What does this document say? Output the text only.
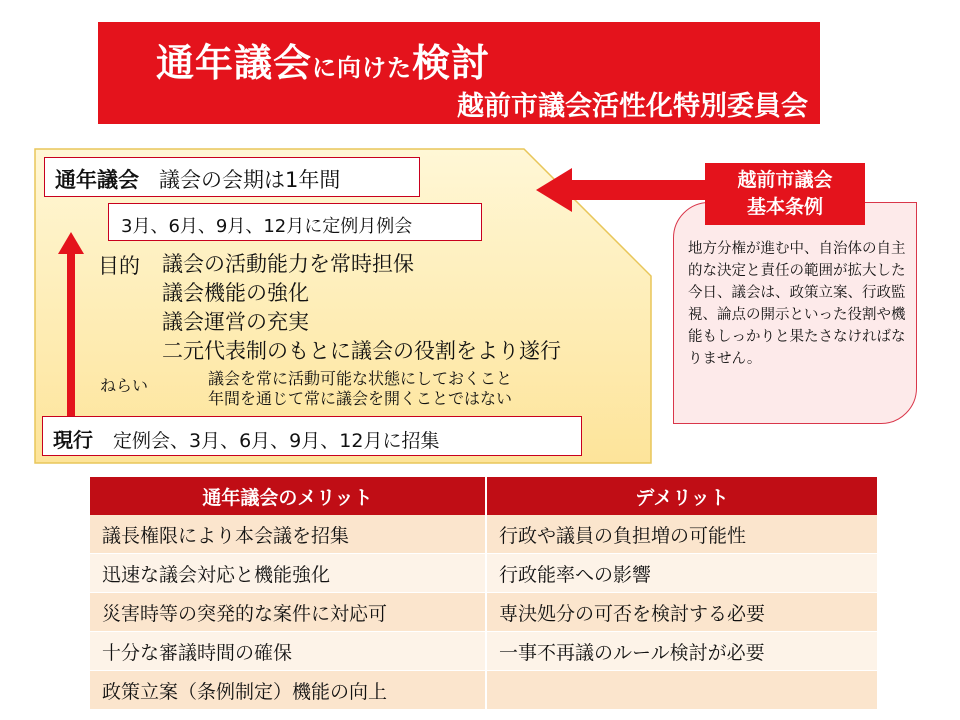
通年議会に向けた検討
越前市議会活性化特別委員会
通年議会 議会の会期は1年間
3月、6月、9月、12月に定例月例会
目的 議会の活動能力を常時担保
議会機能の強化
議会運営の充実
二元代表制のもとに議会の役割をより遂行
ねらい	議会を常に活動可能な状態にしておくこと
年間を通じて常に議会を開くことではない
現行 定例会、3月、6月、9月、12月に招集
越前市議会
基本条例
地方分権が進む中、自治体の自主的な決定と責任の範囲が拡大した今日、議会は、政策立案、行政監視、論点の開示といった役割や機能もしっかりと果たさなければなりません。
通年議会のメリット	デメリット
議長権限により本会議を招集	行政や議員の負担増の可能性
迅速な議会対応と機能強化	行政能率への影響
災害時等の突発的な案件に対応可	専決処分の可否を検討する必要
十分な審議時間の確保	一事不再議のルール検討が必要
政策立案（条例制定）機能の向上	
